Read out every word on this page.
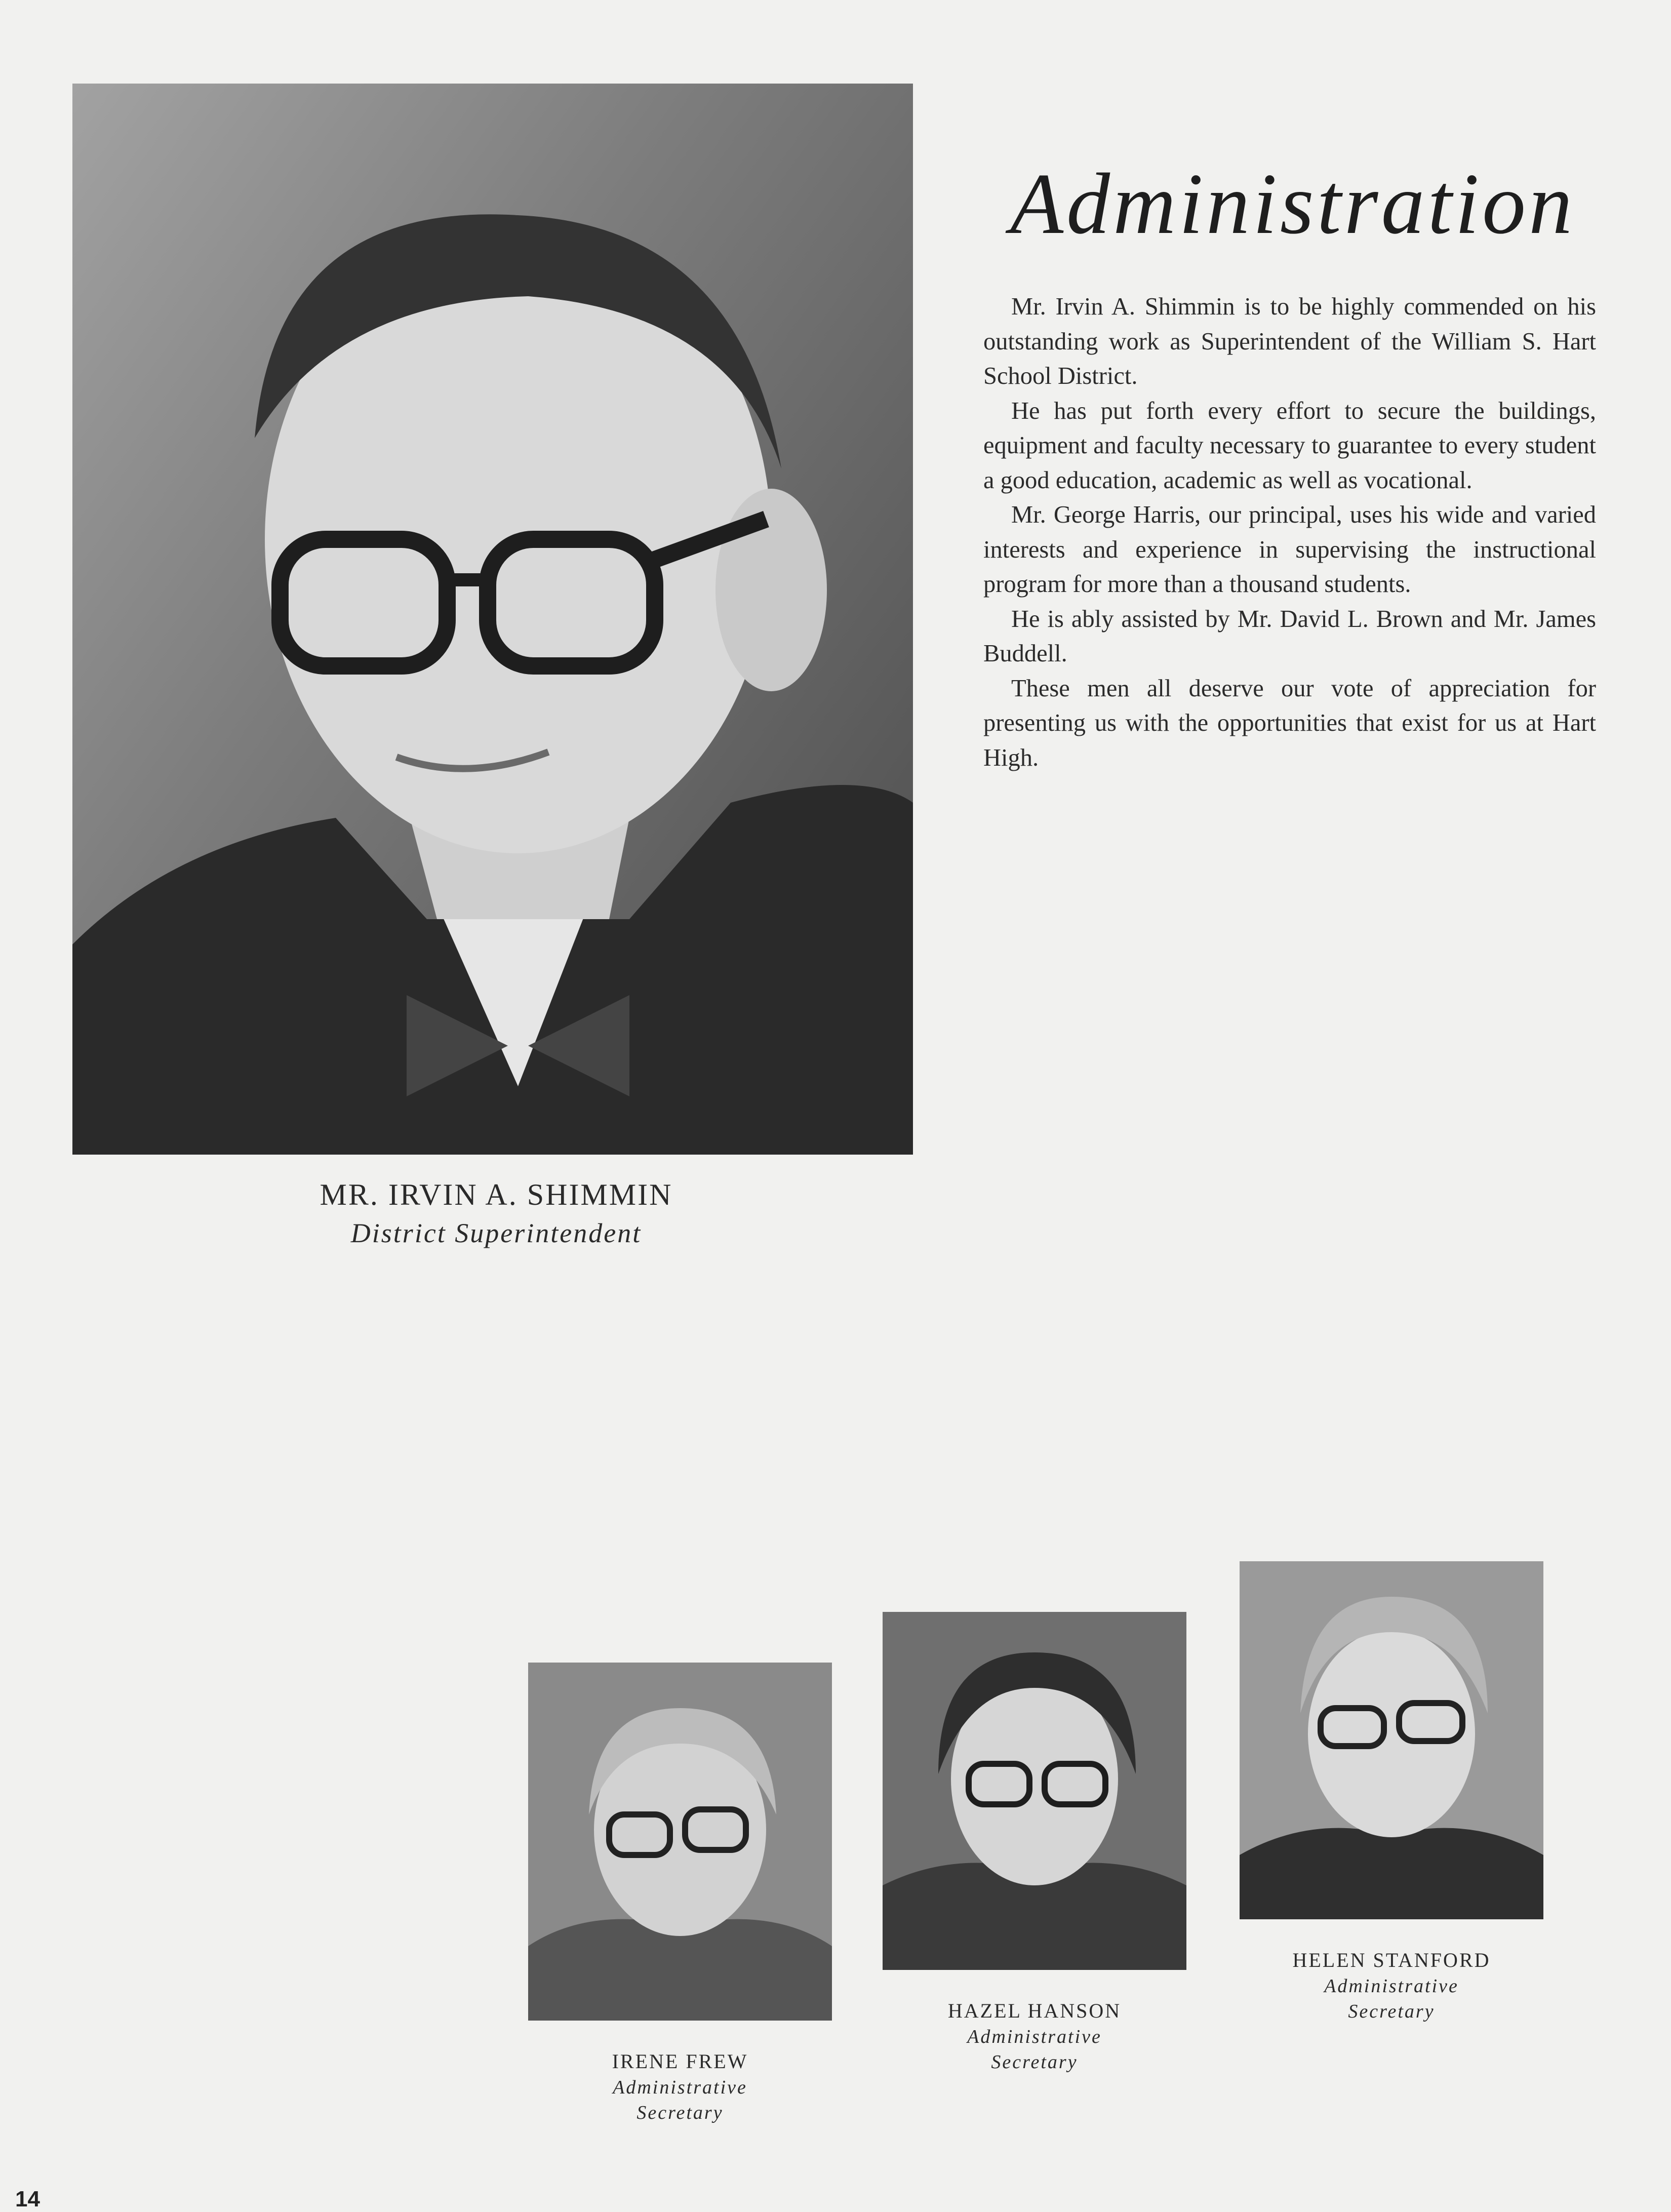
Administration

Mr. Irvin A. Shimmin is to be highly commended on his outstanding work as Superintendent of the William S. Hart School District.

He has put forth every effort to secure the buildings, equipment and faculty necessary to guarantee to every student a good education, academic as well as vocational.

Mr. George Harris, our principal, uses his wide and varied interests and experience in supervising the instructional program for more than a thousand students.

He is ably assisted by Mr. David L. Brown and Mr. James Buddell.

These men all deserve our vote of appreciation for presenting us with the opportunities that exist for us at Hart High.

MR. IRVIN A. SHIMMIN
District Superintendent
IRENE FREW
Administrative
Secretary
HAZEL HANSON
Administrative
Secretary
HELEN STANFORD
Administrative
Secretary
14
